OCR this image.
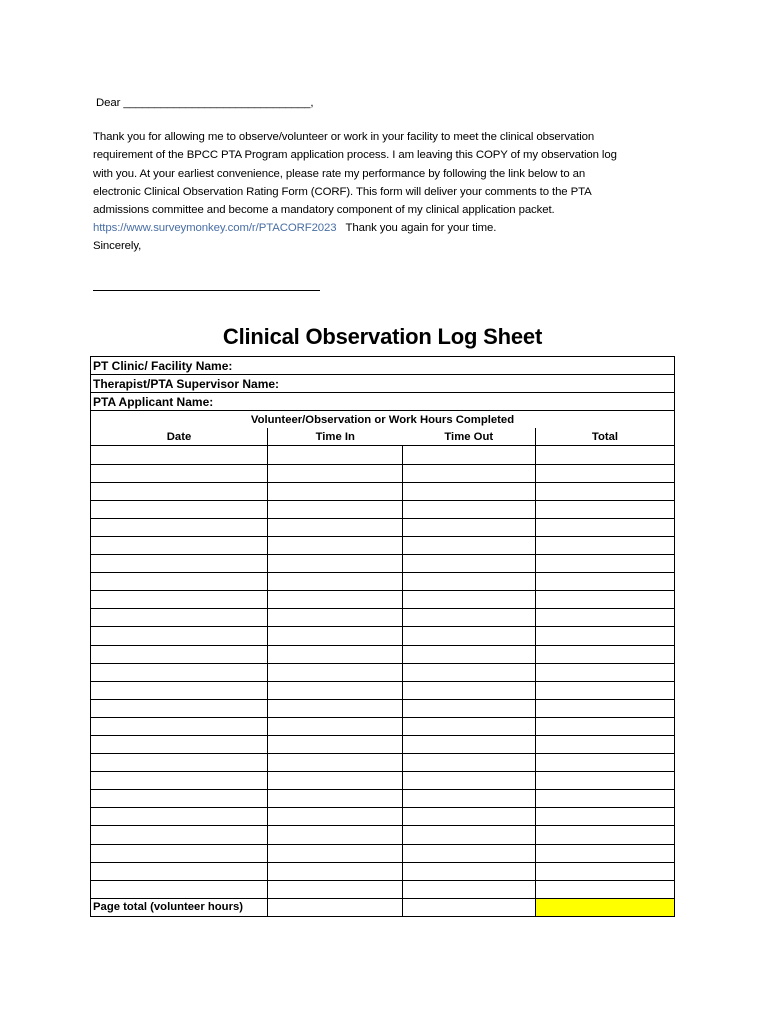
Dear ______________________________,

Thank you for allowing me to observe/volunteer or work in your facility to meet the clinical observation

requirement of the BPCC PTA Program application process. I am leaving this COPY of my observation log

with you. At your earliest convenience, please rate my performance by following the link below to an

electronic Clinical Observation Rating Form (CORF). This form will deliver your comments to the PTA

admissions committee and become a mandatory component of my clinical application packet.

https://www.surveymonkey.com/r/PTACORF2023   Thank you again for your time.

Sincerely,

Clinical Observation Log Sheet
PT Clinic/ Facility Name:			
Therapist/PTA Supervisor Name:			
PTA Applicant Name:			
Volunteer/Observation or Work Hours Completed			
Date	Time In	Time Out	Total

Page total (volunteer hours)			
